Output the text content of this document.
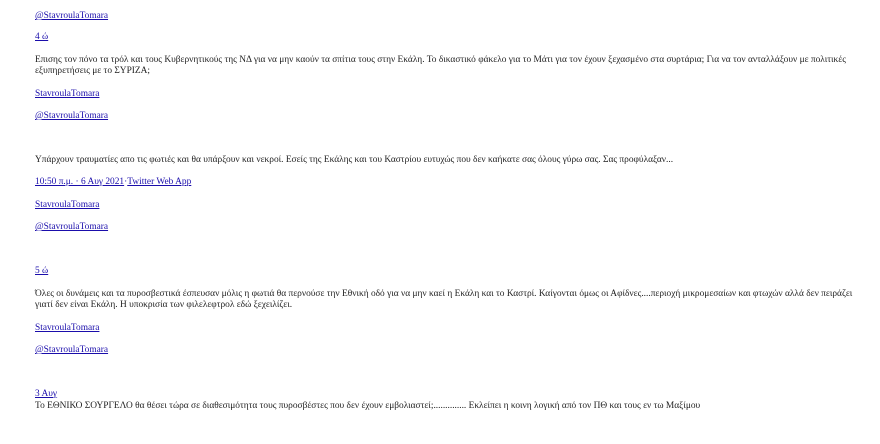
@StavroulaTomara
4 ώ
Επισης τον πόνο τα τρόλ και τους Κυβερνητικούς της ΝΔ για να μην καούν τα σπίτια τους στην Εκάλη. Το δικαστικό φάκελο για το Μάτι για τον έχουν ξεχασμένο στα συρτάρια; Για να τον ανταλλάξουν με πολιτικές εξυπηρετήσεις με το ΣΥΡΙΖΑ;
StavroulaTomara
@StavroulaTomara
Υπάρχουν τραυματίες απο τις φωτιές και θα υπάρξουν και νεκροί. Εσείς της Εκάλης και του Καστρίου ευτυχώς που δεν καήκατε σας όλους γύρω σας. Σας προφύλαξαν...
10:50 π.μ. · 6 Αυγ 2021·Twitter Web App
StavroulaTomara
@StavroulaTomara
5 ώ
Όλες οι δυνάμεις και τα πυροσβεστικά έσπευσαν μόλις η φωτιά θα περνούσε την Εθνική οδό για να μην καεί η Εκάλη και το Καστρί. Καίγονται όμως οι Αφίδνες....περιοχή μικρομεσαίων και φτωχών αλλά δεν πειράζει γιατί δεν είναι Εκάλη. Η υποκρισία των φιλελεφτρολ εδώ ξεχειλίζει.
StavroulaTomara
@StavroulaTomara
3 Αυγ
Το ΕΘΝΙΚΟ ΣΟΥΡΓΕΛΟ θα θέσει τώρα σε διαθεσιμότητα τους πυροσβέστες που δεν έχουν εμβολιαστεί;.............. Εκλείπει η κοινη λογική από τον ΠΘ και τους εν τω Μαξίμου
